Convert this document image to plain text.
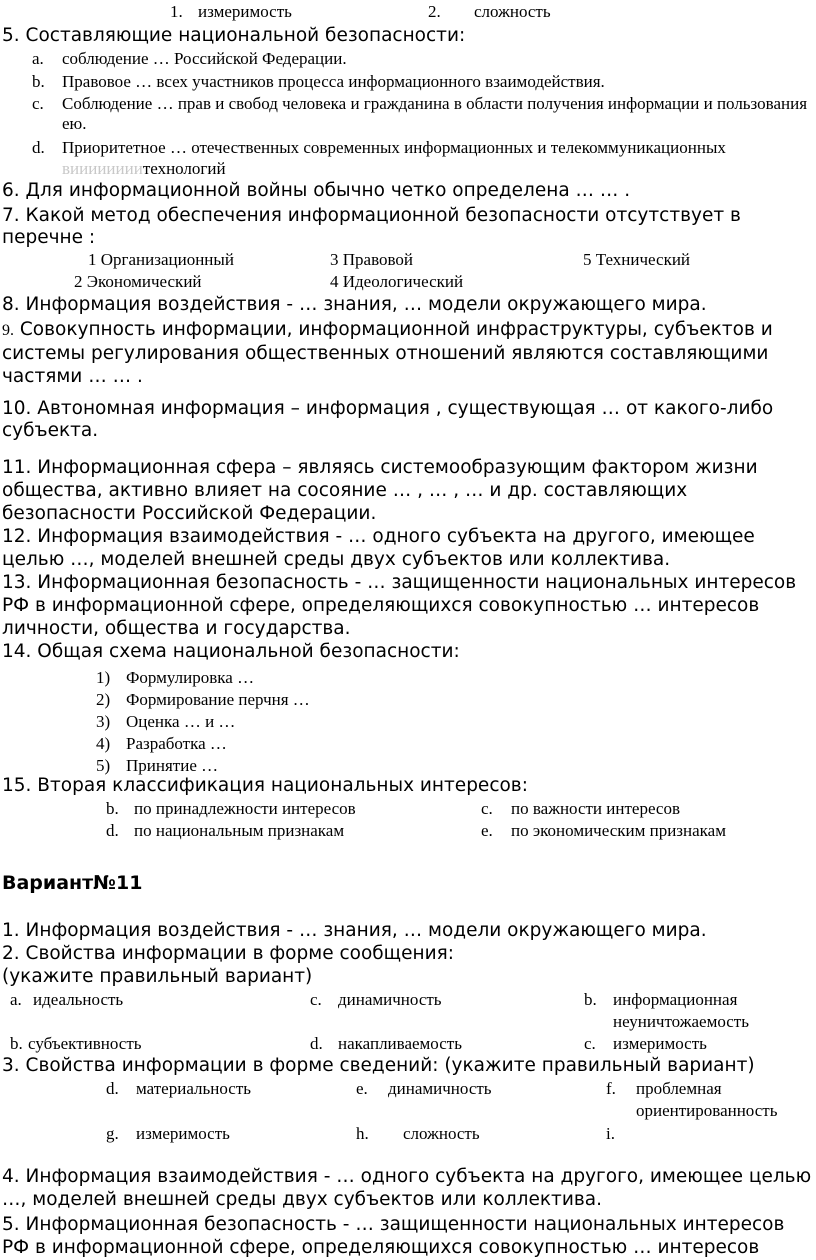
1. измеримость	2. сложность
5. Составляющие национальной безопасности:
a. соблюдение … Российской Федерации.
b. Правовое … всех участников процесса информационного взаимодействия.
c. Соблюдение … прав и свобод человека и гражданина в области получения информации и пользования ею.
d. Приоритетное … отечественных современных информационных и телекоммуникационных
виииииииитехнологий
6. Для информационной войны обычно четко определена … … .
7. Какой метод обеспечения информационной безопасности отсутствует в перечне :
1 Организационный	3 Правовой	5 Технический
2 Экономический	4 Идеологический
8. Информация воздействия - … знания, … модели окружающего мира.
9. Совокупность информации, информационной инфраструктуры, субъектов и системы регулирования общественных отношений являются составляющими частями … … .
10. Автономная информация – информация , существующая … от какого-либо субъекта.
11. Информационная сфера – являясь системообразующим фактором жизни общества, активно влияет на сосояние … , … , … и др. составляющих безопасности Российской Федерации.
12. Информация взаимодействия - … одного субъекта на другого, имеющее целью …, моделей внешней среды двух субъектов или коллектива.
13. Информационная безопасность - … защищенности национальных интересов РФ в информационной сфере, определяющихся совокупностью … интересов личности, общества и государства.
14. Общая схема национальной безопасности:
1) Формулировка …
2) Формирование перчня …
3) Оценка … и …
4) Разработка …
5) Принятие …
15. Вторая классификация национальных интересов:
b. по принадлежности интересов	c. по важности интересов
d. по национальным признакам	e. по экономическим признакам
Вариант№11
1. Информация воздействия - … знания, … модели окружающего мира.
2. Свойства информации в форме сообщения:
(укажите правильный вариант)
a. идеальность	c. динамичность	b. информационная
неуничтожаемость
b. субъективность	d. накапливаемость	c. измеримость
3. Свойства информации в форме сведений: (укажите правильный вариант)
d. материальность	e. динамичность	f. проблемная
ориентированность
g. измеримость	h. сложность	i.
4. Информация взаимодействия - … одного субъекта на другого, имеющее целью …, моделей внешней среды двух субъектов или коллектива.
5. Информационная безопасность - … защищенности национальных интересов РФ в информационной сфере, определяющихся совокупностью … интересов
